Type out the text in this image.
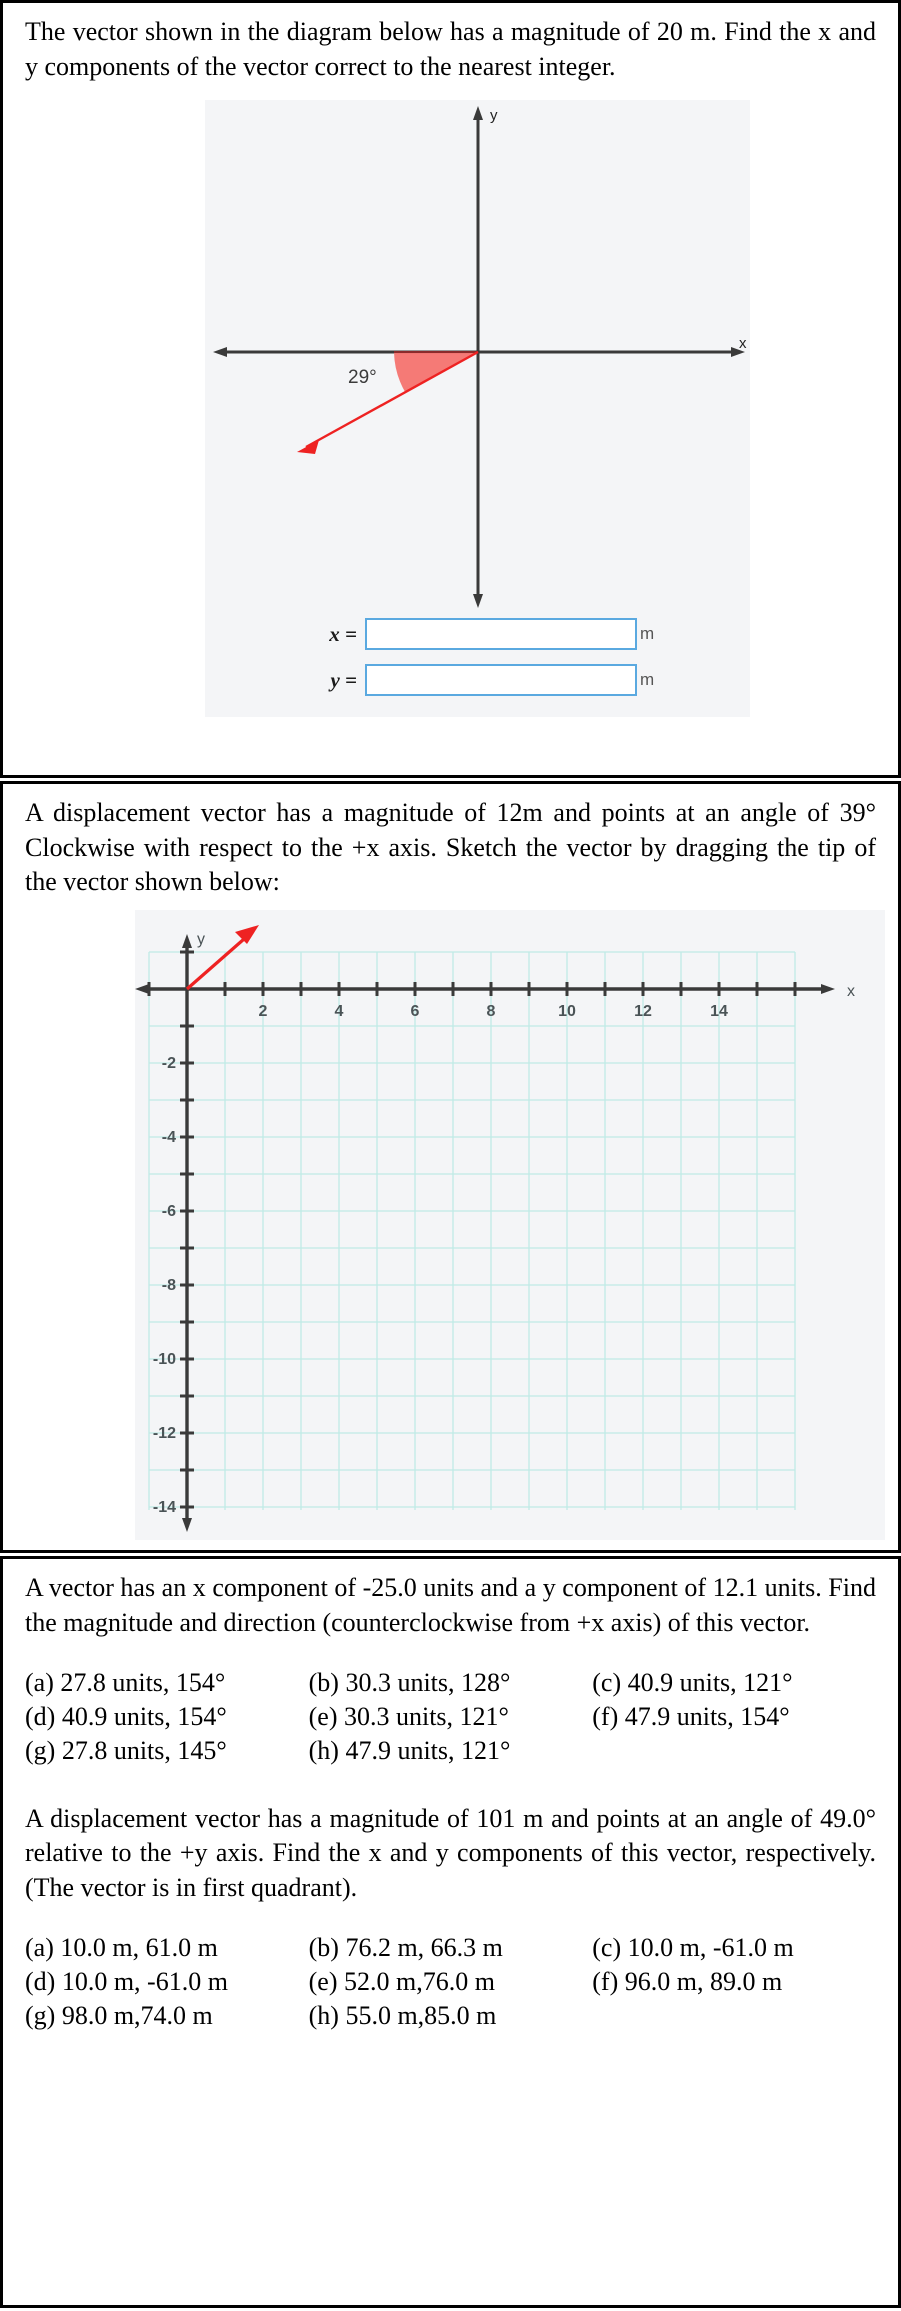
The vector shown in the diagram below has a magnitude of 20 m. Find the x and y components of the vector correct to the nearest integer.

y
x
29°
x =	m
y =	m

A displacement vector has a magnitude of 12m and points at an angle of 39° Clockwise with respect to the +x axis. Sketch the vector by dragging the tip of the vector shown below:

2	4	6	8	10	12	14
-2
-4
-6
-8
-10
-12
-14
x
y

A vector has an x component of -25.0 units and a y component of 12.1 units. Find the magnitude and direction (counterclockwise from +x axis) of this vector.

(a) 27.8 units, 154°	(b) 30.3 units, 128°	(c) 40.9 units, 121°
(d) 40.9 units, 154°	(e) 30.3 units, 121°	(f) 47.9 units, 154°
(g) 27.8 units, 145°	(h) 47.9 units, 121°

A displacement vector has a magnitude of 101 m and points at an angle of 49.0° relative to the +y axis. Find the x and y components of this vector, respectively. (The vector is in first quadrant).

(a) 10.0 m, 61.0 m	(b) 76.2 m, 66.3 m	(c) 10.0 m, -61.0 m
(d) 10.0 m, -61.0 m	(e) 52.0 m,76.0 m	(f) 96.0 m, 89.0 m
(g) 98.0 m,74.0 m	(h) 55.0 m,85.0 m
